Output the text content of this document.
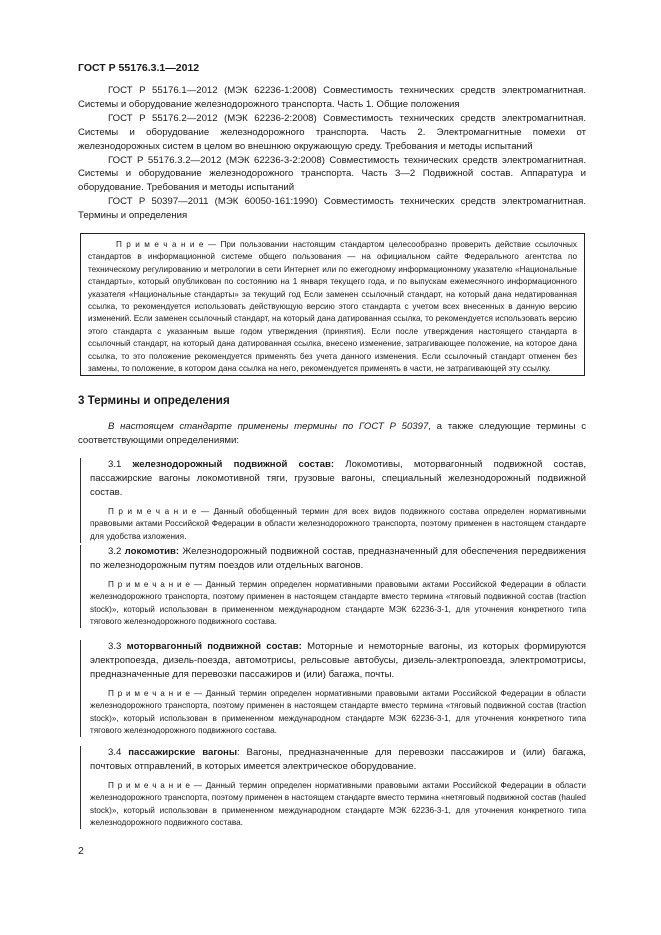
ГОСТ Р 55176.3.1—2012

ГОСТ Р 55176.1—2012 (МЭК 62236-1:2008) Совместимость технических средств электромагнитная. Системы и оборудование железнодорожного транспорта. Часть 1. Общие положения

ГОСТ Р 55176.2—2012 (МЭК 62236-2:2008) Совместимость технических средств электромагнитная. Системы и оборудование железнодорожного транспорта. Часть 2. Электромагнитные помехи от железнодорожных систем в целом во внешнюю окружающую среду. Требования и методы испытаний

ГОСТ Р 55176.3.2—2012 (МЭК 62236-3-2:2008) Совместимость технических средств электромагнитная. Системы и оборудование железнодорожного транспорта. Часть 3—2 Подвижной состав. Аппаратура и оборудование. Требования и методы испытаний

ГОСТ Р 50397—2011 (МЭК 60050-161:1990) Совместимость технических средств электромагнитная. Термины и определения

П р и м е ч а н и е — При пользовании настоящим стандартом целесообразно проверить действие ссылочных стандартов в информационной системе общего пользования — на официальном сайте Федерального агентства по техническому регулированию и метрологии в сети Интернет или по ежегодному информационному указателю «Национальные стандарты», который опубликован по состоянию на 1 января текущего года, и по выпускам ежемесячного информационного указателя «Национальные стандарты» за текущий год Если заменен ссылочный стандарт, на который дана недатированная ссылка, то рекомендуется использовать действующую версию этого стандарта с учетом всех внесенных в данную версию изменений. Если заменен ссылочный стандарт, на который дана датированная ссылка, то рекомендуется использовать версию этого стандарта с указанным выше годом утверждения (принятия). Если после утверждения настоящего стандарта в ссылочный стандарт, на который дана датированная ссылка, внесено изменение, затрагивающее положение, на которое дана ссылка, то это положение рекомендуется применять без учета данного изменения. Если ссылочный стандарт отменен без замены, то положение, в котором дана ссылка на него, рекомендуется применять в части, не затрагивающей эту ссылку.

3 Термины и определения

В настоящем стандарте применены термины по ГОСТ Р 50397, а также следующие термины с соответствующими определениями:

3.1 железнодорожный подвижной состав: Локомотивы, моторвагонный подвижной состав, пассажирские вагоны локомотивной тяги, грузовые вагоны, специальный железнодорожный подвижной состав.

П р и м е ч а н и е — Данный обобщенный термин для всех видов подвижного состава определен нормативными правовыми актами Российской Федерации в области железнодорожного транспорта, поэтому применен в настоящем стандарте для удобства изложения.

3.2 локомотив: Железнодорожный подвижной состав, предназначенный для обеспечения передвижения по железнодорожным путям поездов или отдельных вагонов.

П р и м е ч а н и е — Данный термин определен нормативными правовыми актами Российской Федерации в области железнодорожного транспорта, поэтому применен в настоящем стандарте вместо термина «тяговый подвижной состав (traction stock)», который использован в примененном международном стандарте МЭК 62236-3-1, для уточнения конкретного типа тягового железнодорожного подвижного состава.

3.3 моторвагонный подвижной состав: Моторные и немоторные вагоны, из которых формируются электропоезда, дизель-поезда, автомотрисы, рельсовые автобусы, дизель-электропоезда, электромотрисы, предназначенные для перевозки пассажиров и (или) багажа, почты.

П р и м е ч а н и е — Данный термин определен нормативными правовыми актами Российской Федерации в области железнодорожного транспорта, поэтому применен в настоящем стандарте вместо термина «тяговый подвижной состав (traction stock)», который использован в примененном международном стандарте МЭК 62236-3-1, для уточнения конкретного типа тягового железнодорожного подвижного состава.

3.4 пассажирские вагоны: Вагоны, предназначенные для перевозки пассажиров и (или) багажа, почтовых отправлений, в которых имеется электрическое оборудование.

П р и м е ч а н и е — Данный термин определен нормативными правовыми актами Российской Федерации в области железнодорожного транспорта, поэтому применен в настоящем стандарте вместо термина «нетяговый подвижной состав (hauled stock)», который использован в примененном международном стандарте МЭК 62236-3-1, для уточнения конкретного типа железнодорожного подвижного состава.

2
